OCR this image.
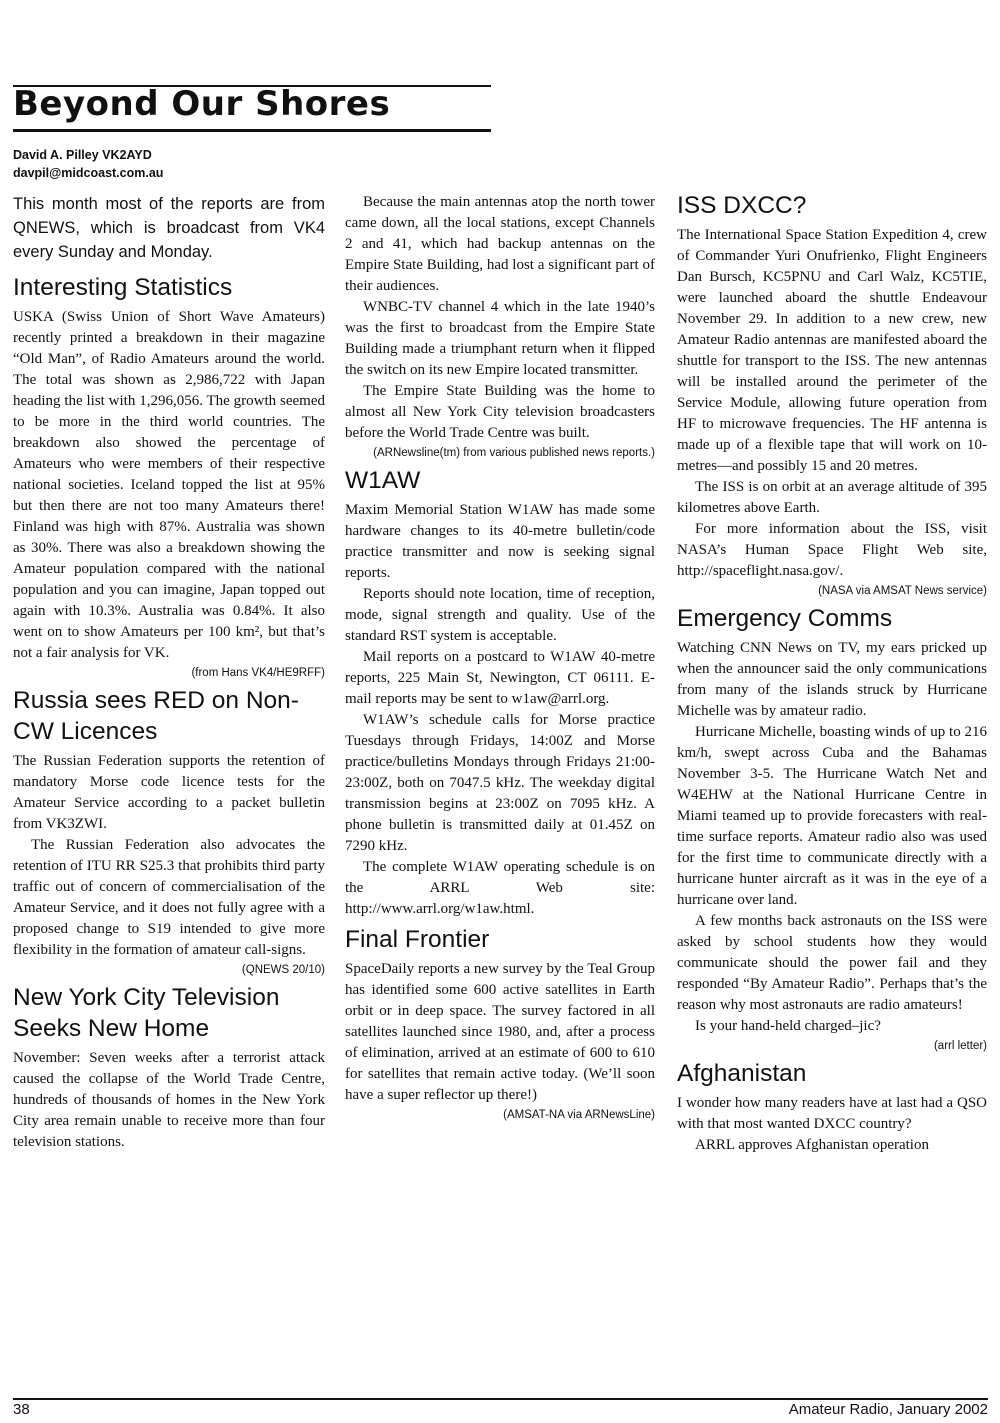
Beyond Our Shores
David A. Pilley VK2AYD
davpil@midcoast.com.au

This month most of the reports are from QNEWS, which is broadcast from VK4 every Sunday and Monday.

Interesting Statistics

USKA (Swiss Union of Short Wave Amateurs) recently printed a breakdown in their magazine “Old Man”, of Radio Amateurs around the world. The total was shown as 2,986,722 with Japan heading the list with 1,296,056. The growth seemed to be more in the third world countries. The breakdown also showed the percentage of Amateurs who were members of their respective national societies. Iceland topped the list at 95% but then there are not too many Amateurs there! Finland was high with 87%. Australia was shown as 30%. There was also a breakdown showing the Amateur population compared with the national population and you can imagine, Japan topped out again with 10.3%. Australia was 0.84%. It also went on to show Amateurs per 100 km², but that’s not a fair analysis for VK.

(from Hans VK4/HE9RFF)
Russia sees RED on Non-CW Licences

The Russian Federation supports the retention of mandatory Morse code licence tests for the Amateur Service according to a packet bulletin from VK3ZWI.

The Russian Federation also advocates the retention of ITU RR S25.3 that prohibits third party traffic out of concern of commercialisation of the Amateur Service, and it does not fully agree with a proposed change to S19 intended to give more flexibility in the formation of amateur call-signs.

(QNEWS 20/10)
New York City Television Seeks New Home

November: Seven weeks after a terrorist attack caused the collapse of the World Trade Centre, hundreds of thousands of homes in the New York City area remain unable to receive more than four television stations.

Because the main antennas atop the north tower came down, all the local stations, except Channels 2 and 41, which had backup antennas on the Empire State Building, had lost a significant part of their audiences.

WNBC-TV channel 4 which in the late 1940’s was the first to broadcast from the Empire State Building made a triumphant return when it flipped the switch on its new Empire located transmitter.

The Empire State Building was the home to almost all New York City television broadcasters before the World Trade Centre was built.

(ARNewsline(tm) from various published news reports.)
W1AW

Maxim Memorial Station W1AW has made some hardware changes to its 40-metre bulletin/code practice transmitter and now is seeking signal reports.

Reports should note location, time of reception, mode, signal strength and quality. Use of the standard RST system is acceptable.

Mail reports on a postcard to W1AW 40-metre reports, 225 Main St, Newington, CT 06111. E-mail reports may be sent to w1aw@arrl.org.

W1AW’s schedule calls for Morse practice Tuesdays through Fridays, 14:00Z and Morse practice/bulletins Mondays through Fridays 21:00-23:00Z, both on 7047.5 kHz. The weekday digital transmission begins at 23:00Z on 7095 kHz. A phone bulletin is transmitted daily at 01.45Z on 7290 kHz.

The complete W1AW operating schedule is on the ARRL Web site: http://www.arrl.org/w1aw.html.

Final Frontier

SpaceDaily reports a new survey by the Teal Group has identified some 600 active satellites in Earth orbit or in deep space. The survey factored in all satellites launched since 1980, and, after a process of elimination, arrived at an estimate of 600 to 610 for satellites that remain active today. (We’ll soon have a super reflector up there!)

(AMSAT-NA via ARNewsLine)
ISS DXCC?

The International Space Station Expedition 4, crew of Commander Yuri Onufrienko, Flight Engineers Dan Bursch, KC5PNU and Carl Walz, KC5TIE, were launched aboard the shuttle Endeavour November 29. In addition to a new crew, new Amateur Radio antennas are manifested aboard the shuttle for transport to the ISS. The new antennas will be installed around the perimeter of the Service Module, allowing future operation from HF to microwave frequencies. The HF antenna is made up of a flexible tape that will work on 10-metres—and possibly 15 and 20 metres.

The ISS is on orbit at an average altitude of 395 kilometres above Earth.

For more information about the ISS, visit NASA’s Human Space Flight Web site, http://spaceflight.nasa.gov/.

(NASA via AMSAT News service)
Emergency Comms

Watching CNN News on TV, my ears pricked up when the announcer said the only communications from many of the islands struck by Hurricane Michelle was by amateur radio.

Hurricane Michelle, boasting winds of up to 216 km/h, swept across Cuba and the Bahamas November 3-5. The Hurricane Watch Net and W4EHW at the National Hurricane Centre in Miami teamed up to provide forecasters with real-time surface reports. Amateur radio also was used for the first time to communicate directly with a hurricane hunter aircraft as it was in the eye of a hurricane over land.

A few months back astronauts on the ISS were asked by school students how they would communicate should the power fail and they responded “By Amateur Radio”. Perhaps that’s the reason why most astronauts are radio amateurs!

Is your hand-held charged–jic?

(arrl letter)
Afghanistan

I wonder how many readers have at last had a QSO with that most wanted DXCC country?

ARRL approves Afghanistan operation

38	Amateur Radio, January 2002
